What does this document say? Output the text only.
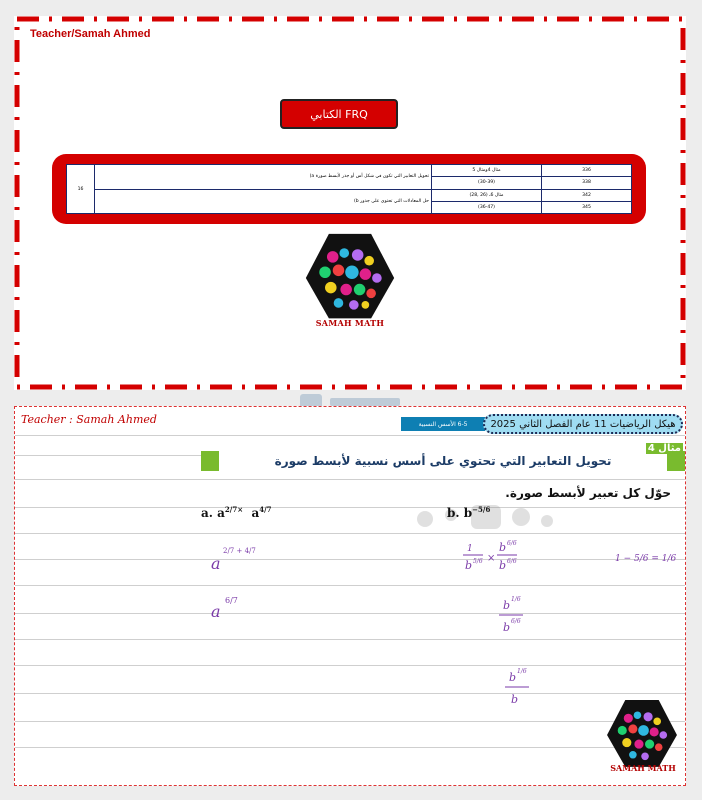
Teacher/Samah Ahmed
الكتابي FRQ
336	مثال 4ومثال 5	تحويل التعابير التي تكون في شكل أس أو جذر لأبسط صورة a)	16
338	(30-39)		
342	مثال 6ـ (26 ,28)	حل المعادلات التي تحتوي على جذور b)	
345	(36-47)		
SAMAH MATH
Teacher : Samah Ahmed	6-5 الأسس النسبية	هيكل الرياضيات 11 عام الفصل الثاني 2025
تحويل التعابير التي تحتوي على أسس نسبية لأبسط صورة
مثال 4
حوّل كل تعبير لأبسط صورة.
a. $a^{2/7\times}$ $a^{4/7}$	b. $b^{-5/6}$
a
2/7 + 4/7
a
6/7
1
b 5/6 ×
b 6/6
b 6/6	1 − 5/6 = 1/6
b 1/6
b 6/6
b 1/6
b
SAMAH MATH
